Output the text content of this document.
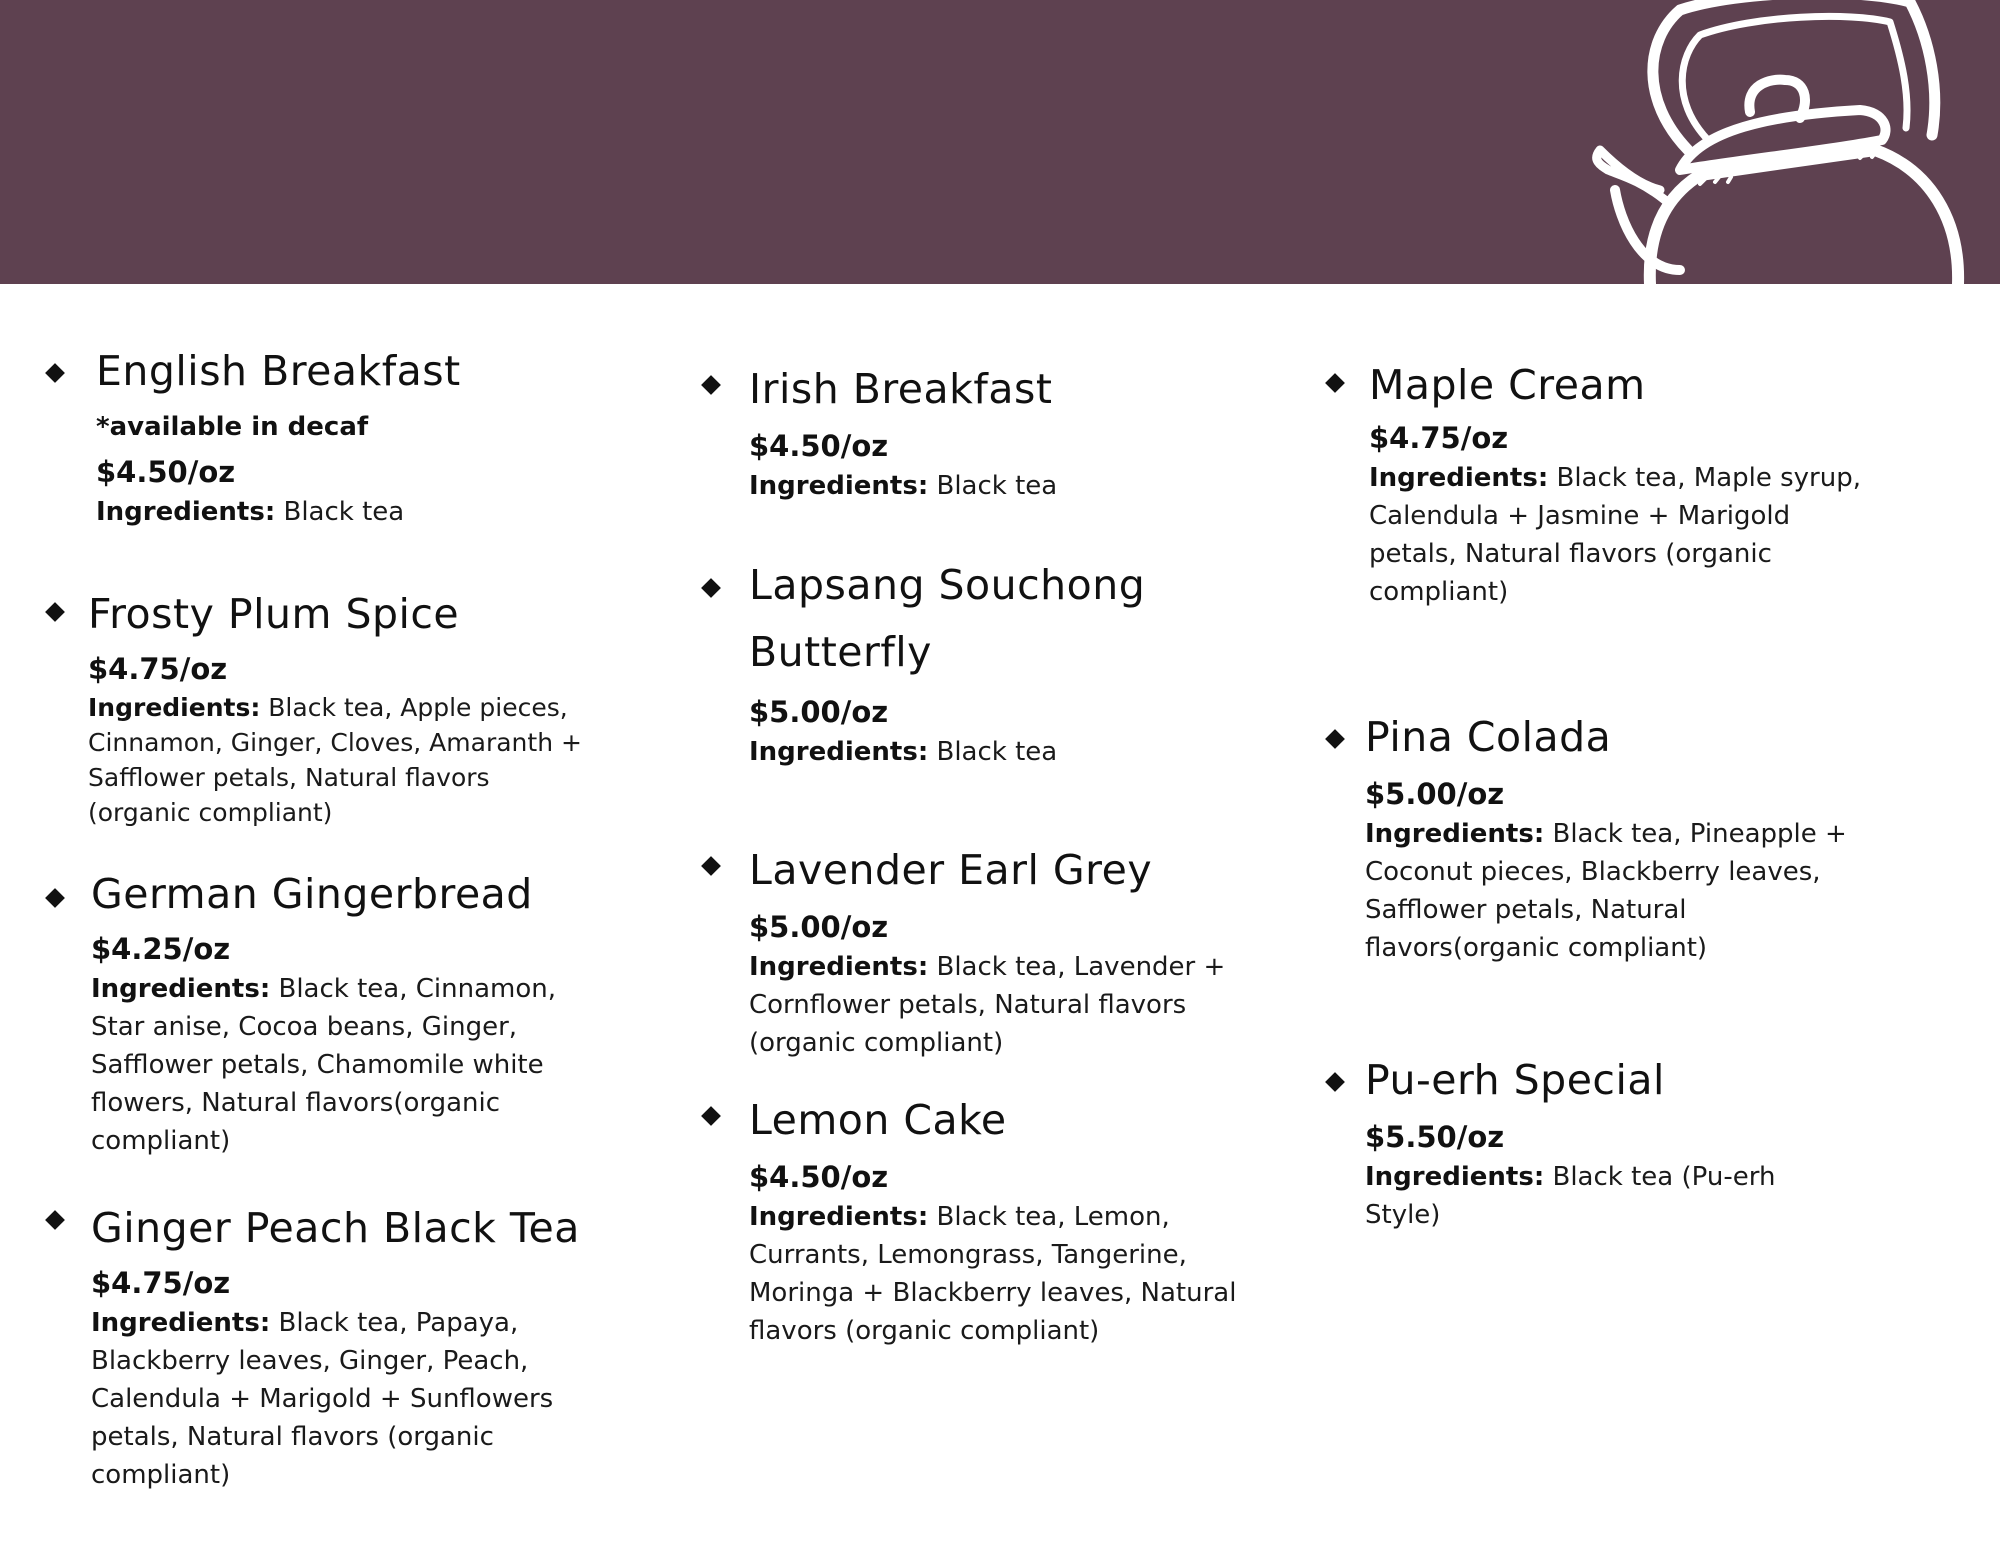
English Breakfast
*available in decaf
$4.50/oz
Ingredients: Black tea
Frosty Plum Spice
$4.75/oz
Ingredients: Black tea, Apple pieces, Cinnamon, Ginger, Cloves, Amaranth + Safflower petals, Natural flavors (organic compliant)
German Gingerbread
$4.25/oz
Ingredients: Black tea, Cinnamon, Star anise, Cocoa beans, Ginger, Safflower petals, Chamomile white flowers, Natural flavors(organic compliant)
Ginger Peach Black Tea
$4.75/oz
Ingredients: Black tea, Papaya, Blackberry leaves, Ginger, Peach, Calendula + Marigold + Sunflowers petals, Natural flavors (organic compliant)
Irish Breakfast
$4.50/oz
Ingredients: Black tea
Lapsang Souchong Butterfly
$5.00/oz
Ingredients: Black tea
Lavender Earl Grey
$5.00/oz
Ingredients: Black tea, Lavender + Cornflower petals, Natural flavors (organic compliant)
Lemon Cake
$4.50/oz
Ingredients: Black tea, Lemon, Currants, Lemongrass, Tangerine, Moringa + Blackberry leaves, Natural flavors (organic compliant)
Maple Cream
$4.75/oz
Ingredients: Black tea, Maple syrup, Calendula + Jasmine + Marigold petals, Natural flavors (organic compliant)
Pina Colada
$5.00/oz
Ingredients: Black tea, Pineapple + Coconut pieces, Blackberry leaves, Safflower petals, Natural flavors(organic compliant)
Pu-erh Special
$5.50/oz
Ingredients: Black tea (Pu-erh Style)
